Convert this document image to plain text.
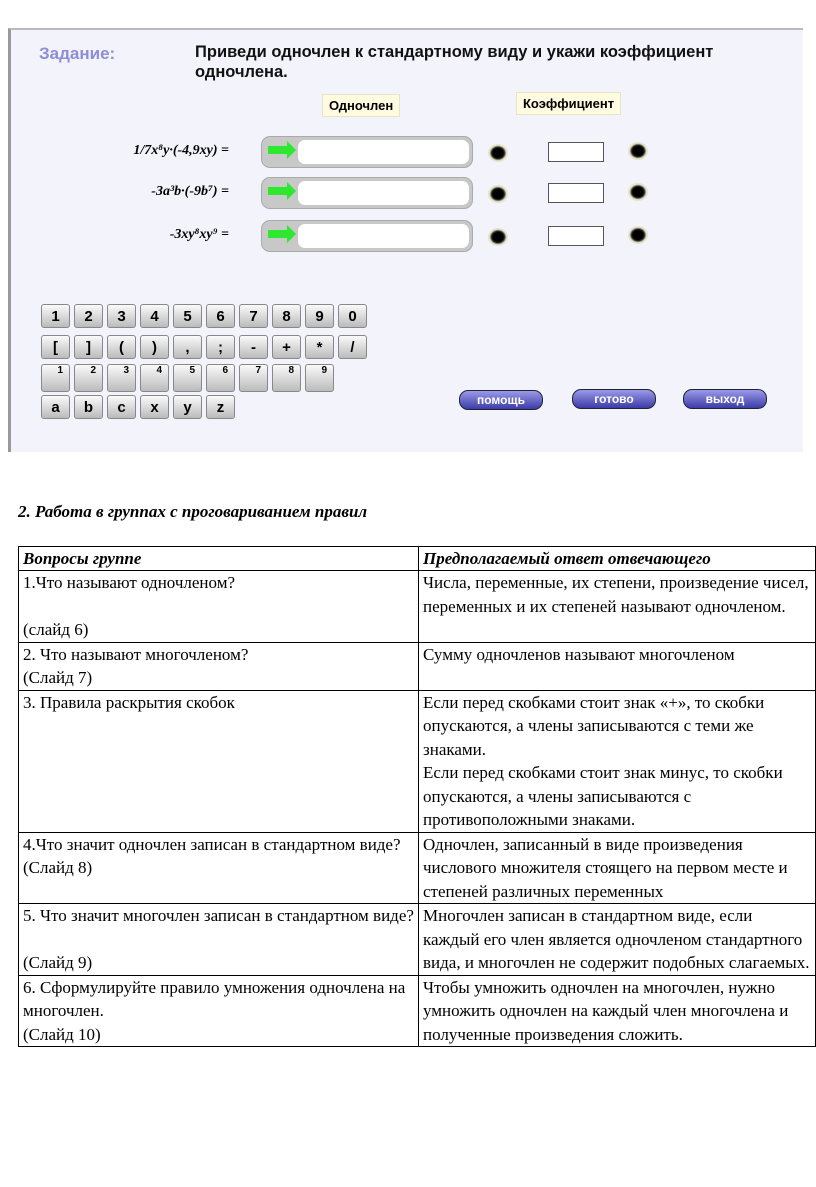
Задание:	Приведи одночлен к стандартному виду и укажи коэффициент одночлена.
Одночлен	Коэффициент
1/7x⁸y·(-4,9xy) =
-3a³b·(-9b⁷) =
-3xy⁸xy⁹ =
1	2	3	4	5	6	7	8	9	0
[	]	(	)	,	;	-	+	*	/
1	2	3	4	5	6	7	8	9
a	b	c	x	y	z	помощь	готово	выход
2. Работа в группах с проговариванием правил
Вопросы группе	Предполагаемый ответ отвечающего
1.Что называют одночленом?

(слайд 6)	Числа, переменные, их степени, произведение чисел, переменных и их степеней называют одночленом.
2. Что называют многочленом?
(Слайд 7)	Сумму одночленов называют многочленом
3. Правила раскрытия скобок	Если перед скобками стоит знак «+», то скобки опускаются, а члены записываются с теми же знаками.
Если перед скобками стоит знак минус, то скобки опускаются, а члены записываются с противоположными знаками.
4.Что значит одночлен записан в стандартном виде?
(Слайд 8)	Одночлен, записанный в виде произведения числового множителя стоящего на первом месте и степеней различных переменных
5. Что значит многочлен записан в стандартном виде?

(Слайд 9)	Многочлен записан в стандартном виде, если каждый его член является одночленом стандартного вида, и многочлен не содержит подобных слагаемых.
6. Сформулируйте правило умножения одночлена на многочлен.
(Слайд 10)	Чтобы умножить одночлен на многочлен, нужно умножить одночлен на каждый член многочлена и полученные произведения сложить.
